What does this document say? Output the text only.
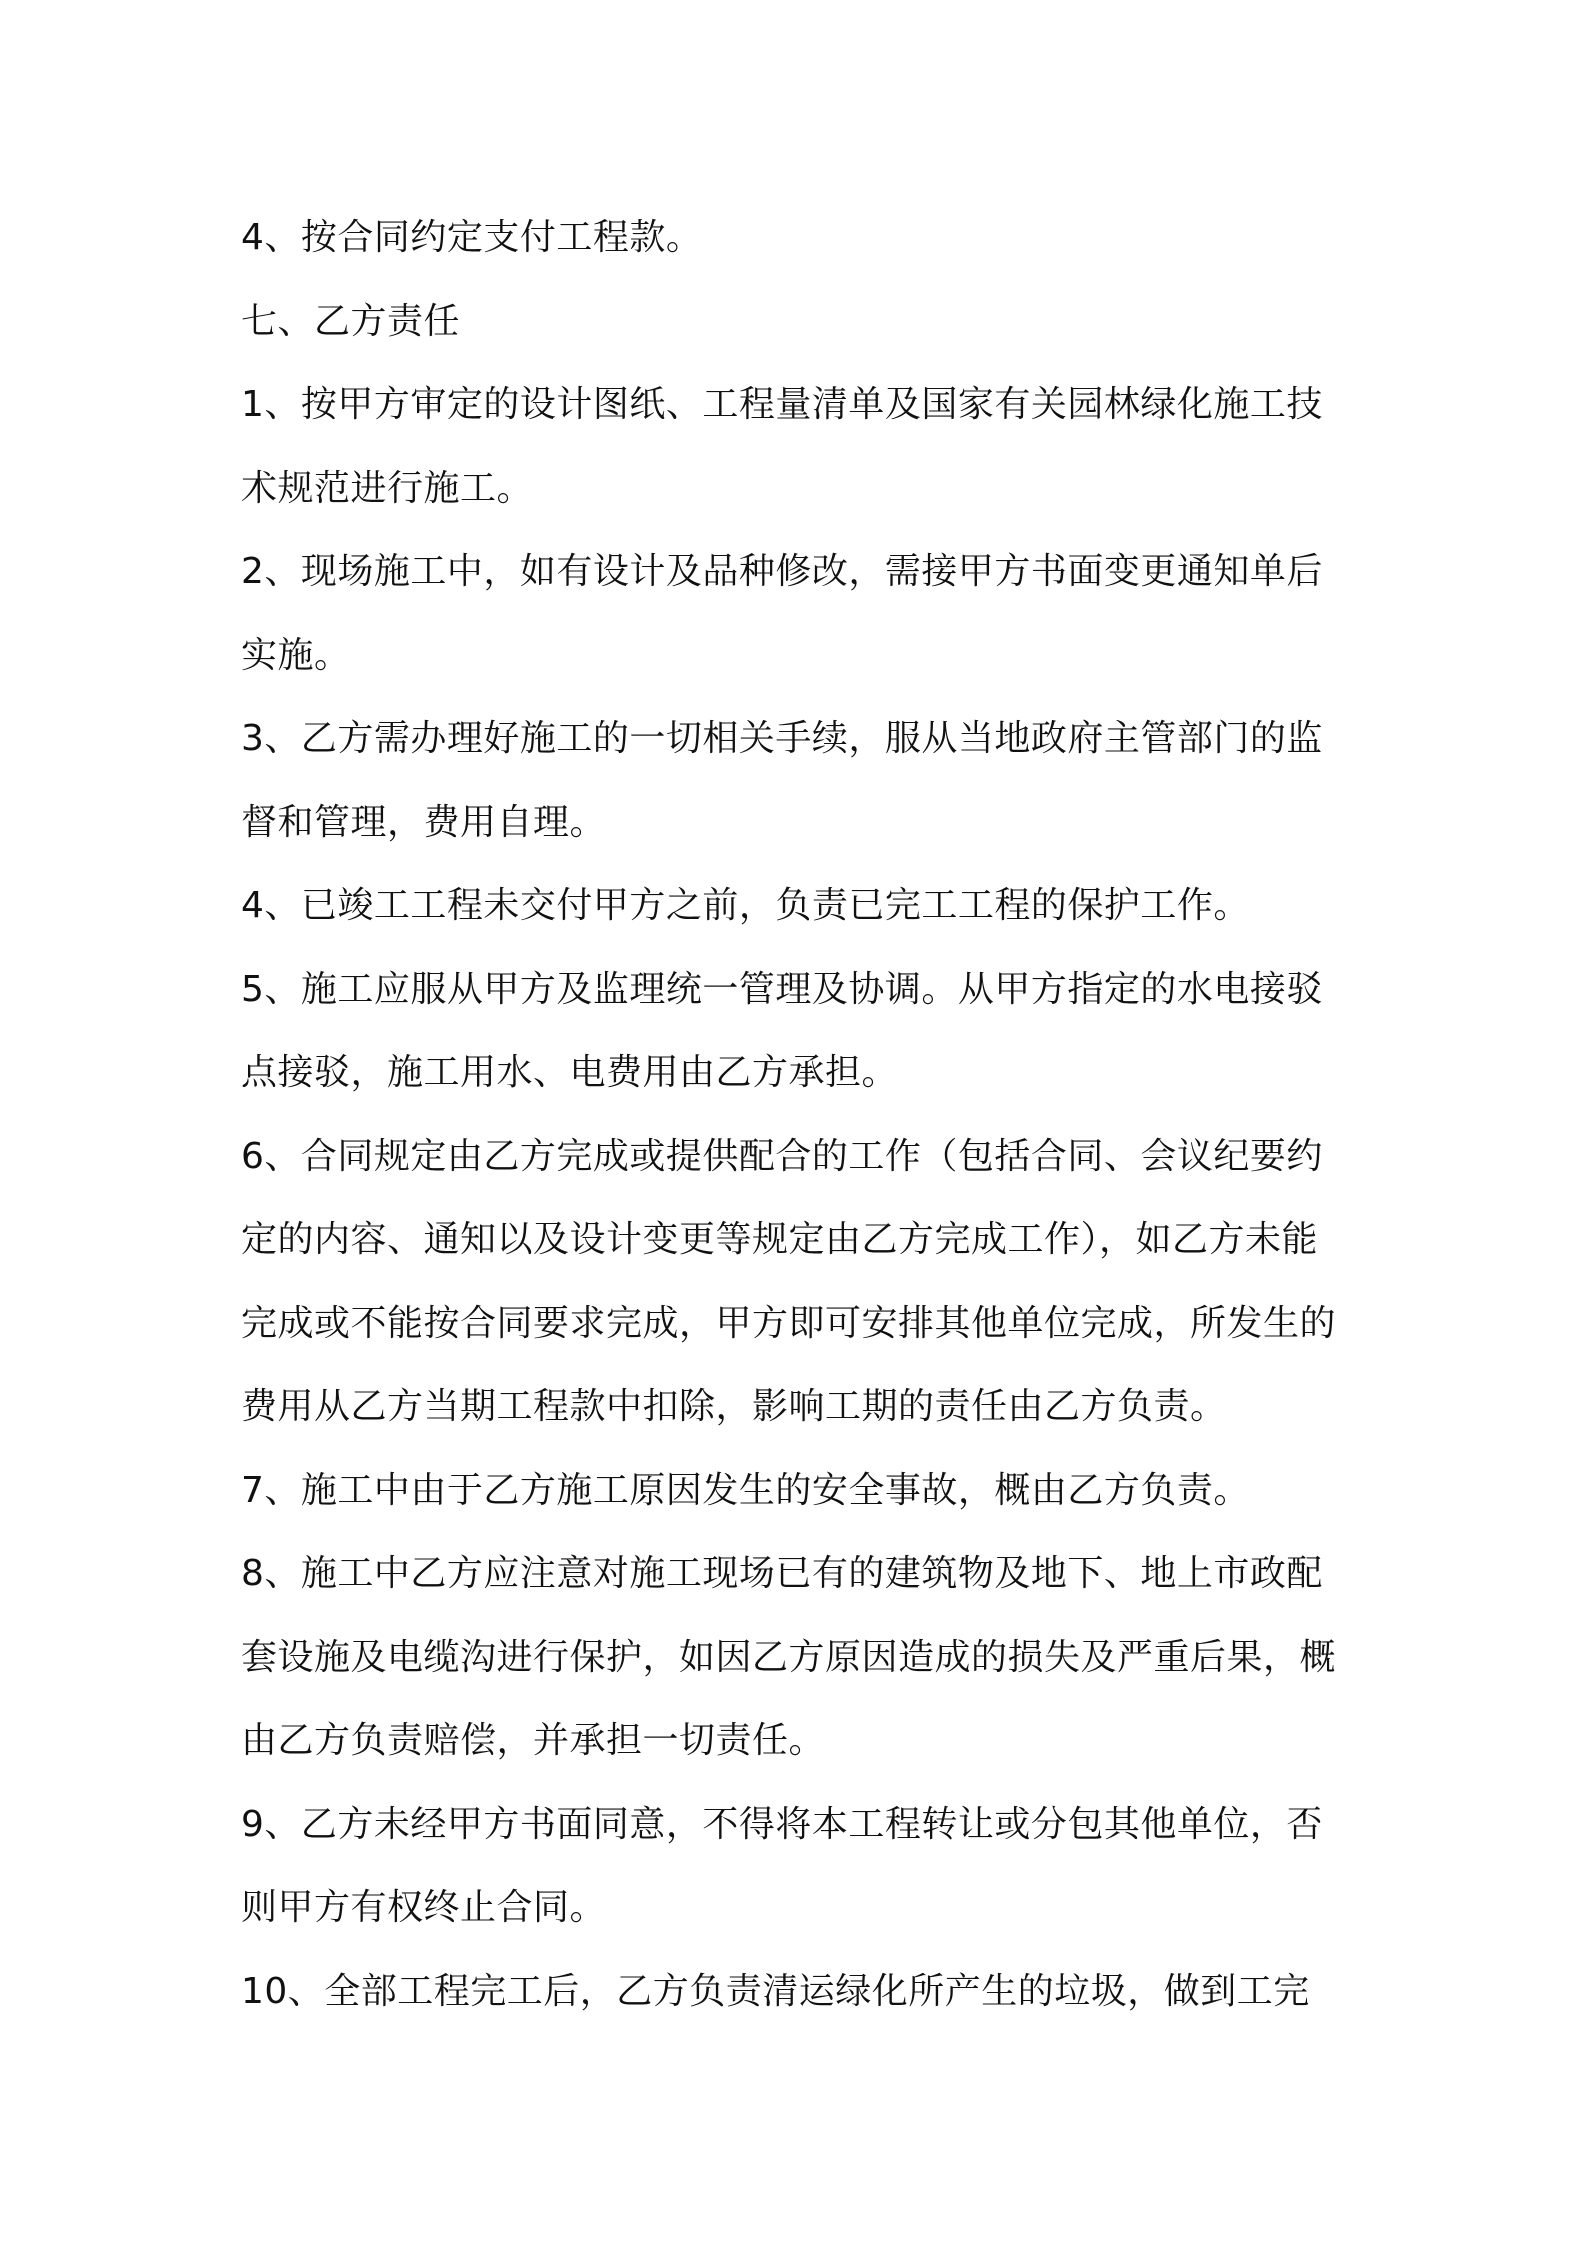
4、按合同约定支付工程款。
七、乙方责任
1、按甲方审定的设计图纸、工程量清单及国家有关园林绿化施工技
术规范进行施工。
2、现场施工中，如有设计及品种修改，需接甲方书面变更通知单后
实施。
3、乙方需办理好施工的一切相关手续，服从当地政府主管部门的监
督和管理，费用自理。
4、已竣工工程未交付甲方之前，负责已完工工程的保护工作。
5、施工应服从甲方及监理统一管理及协调。从甲方指定的水电接驳
点接驳，施工用水、电费用由乙方承担。
6、合同规定由乙方完成或提供配合的工作（包括合同、会议纪要约
定的内容、通知以及设计变更等规定由乙方完成工作），如乙方未能
完成或不能按合同要求完成，甲方即可安排其他单位完成，所发生的
费用从乙方当期工程款中扣除，影响工期的责任由乙方负责。
7、施工中由于乙方施工原因发生的安全事故，概由乙方负责。
8、施工中乙方应注意对施工现场已有的建筑物及地下、地上市政配
套设施及电缆沟进行保护，如因乙方原因造成的损失及严重后果，概
由乙方负责赔偿，并承担一切责任。
9、乙方未经甲方书面同意，不得将本工程转让或分包其他单位，否
则甲方有权终止合同。
10、全部工程完工后，乙方负责清运绿化所产生的垃圾，做到工完
